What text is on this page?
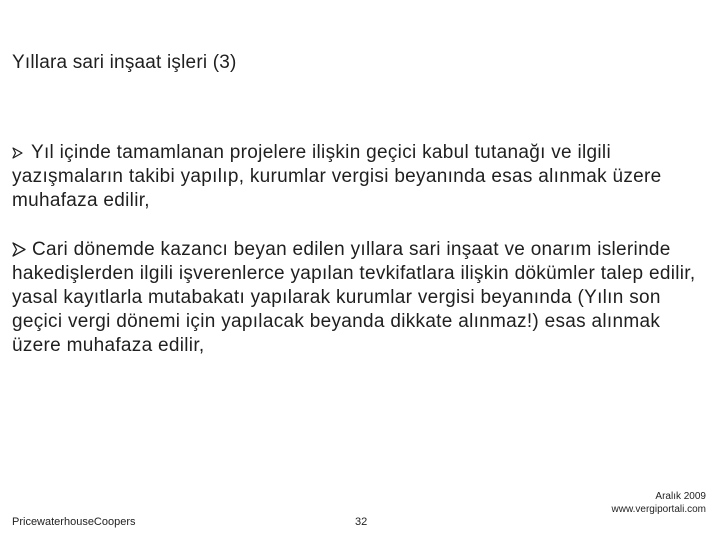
Yıllara sari inşaat işleri (3)
Yıl içinde tamamlanan projelere ilişkin geçici kabul tutanağı ve ilgili yazışmaların takibi yapılıp, kurumlar vergisi beyanında esas alınmak üzere muhafaza edilir,
Cari dönemde kazancı beyan edilen yıllara sari inşaat ve onarım islerinde hakedişlerden ilgili işverenlerce yapılan tevkifatlara ilişkin dökümler talep edilir, yasal kayıtlarla mutabakatı yapılarak kurumlar vergisi beyanında (Yılın son geçici vergi dönemi için yapılacak beyanda dikkate alınmaz!) esas alınmak üzere muhafaza edilir,
PricewaterhouseCoopers	32
Aralık 2009
www.vergiportali.com
